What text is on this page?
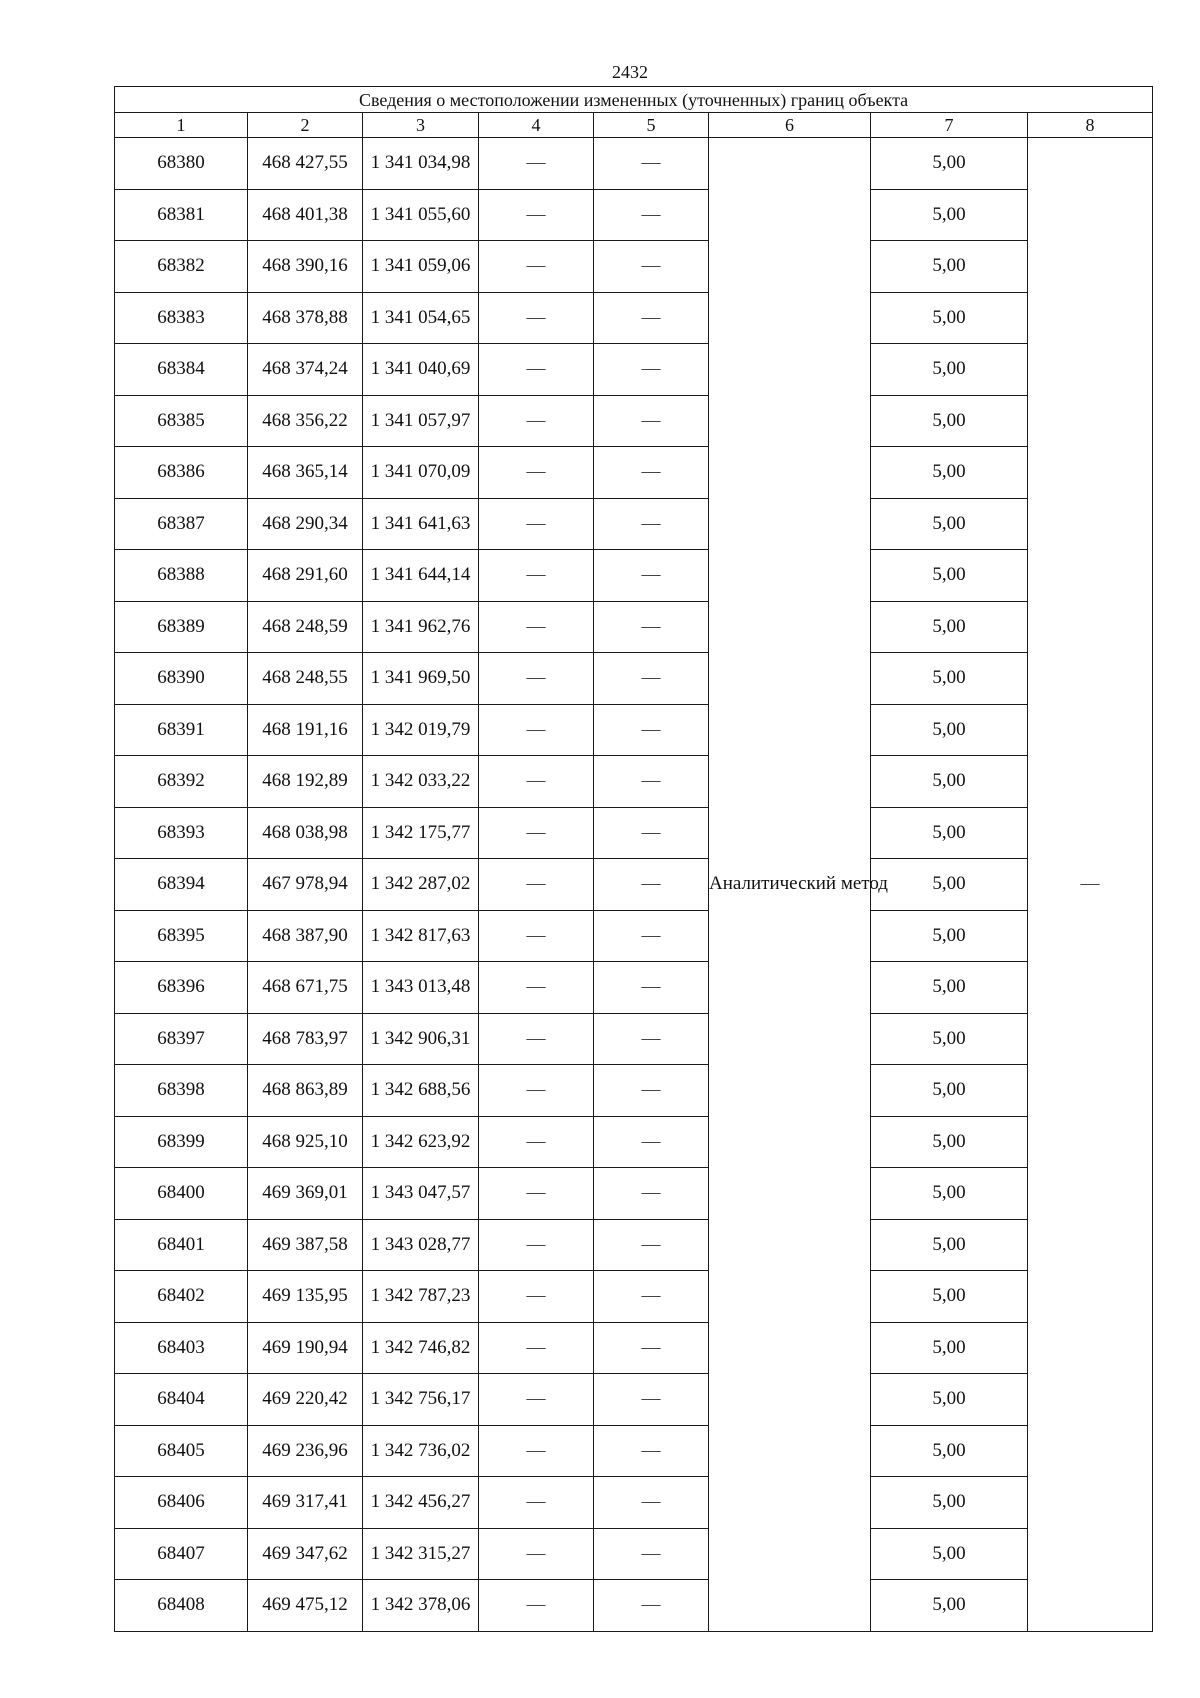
2432
Сведения о местоположении измененных (уточненных) границ объекта							
1	2	3	4	5	6	7	8
68380	468 427,55	1 341 034,98	—	—	Аналитический метод	5,00	—
68381	468 401,38	1 341 055,60	—	—		5,00	
68382	468 390,16	1 341 059,06	—	—		5,00	
68383	468 378,88	1 341 054,65	—	—		5,00	
68384	468 374,24	1 341 040,69	—	—		5,00	
68385	468 356,22	1 341 057,97	—	—		5,00	
68386	468 365,14	1 341 070,09	—	—		5,00	
68387	468 290,34	1 341 641,63	—	—		5,00	
68388	468 291,60	1 341 644,14	—	—		5,00	
68389	468 248,59	1 341 962,76	—	—		5,00	
68390	468 248,55	1 341 969,50	—	—		5,00	
68391	468 191,16	1 342 019,79	—	—		5,00	
68392	468 192,89	1 342 033,22	—	—		5,00	
68393	468 038,98	1 342 175,77	—	—		5,00	
68394	467 978,94	1 342 287,02	—	—		5,00	
68395	468 387,90	1 342 817,63	—	—		5,00	
68396	468 671,75	1 343 013,48	—	—		5,00	
68397	468 783,97	1 342 906,31	—	—		5,00	
68398	468 863,89	1 342 688,56	—	—		5,00	
68399	468 925,10	1 342 623,92	—	—		5,00	
68400	469 369,01	1 343 047,57	—	—		5,00	
68401	469 387,58	1 343 028,77	—	—		5,00	
68402	469 135,95	1 342 787,23	—	—		5,00	
68403	469 190,94	1 342 746,82	—	—		5,00	
68404	469 220,42	1 342 756,17	—	—		5,00	
68405	469 236,96	1 342 736,02	—	—		5,00	
68406	469 317,41	1 342 456,27	—	—		5,00	
68407	469 347,62	1 342 315,27	—	—		5,00	
68408	469 475,12	1 342 378,06	—	—		5,00	
